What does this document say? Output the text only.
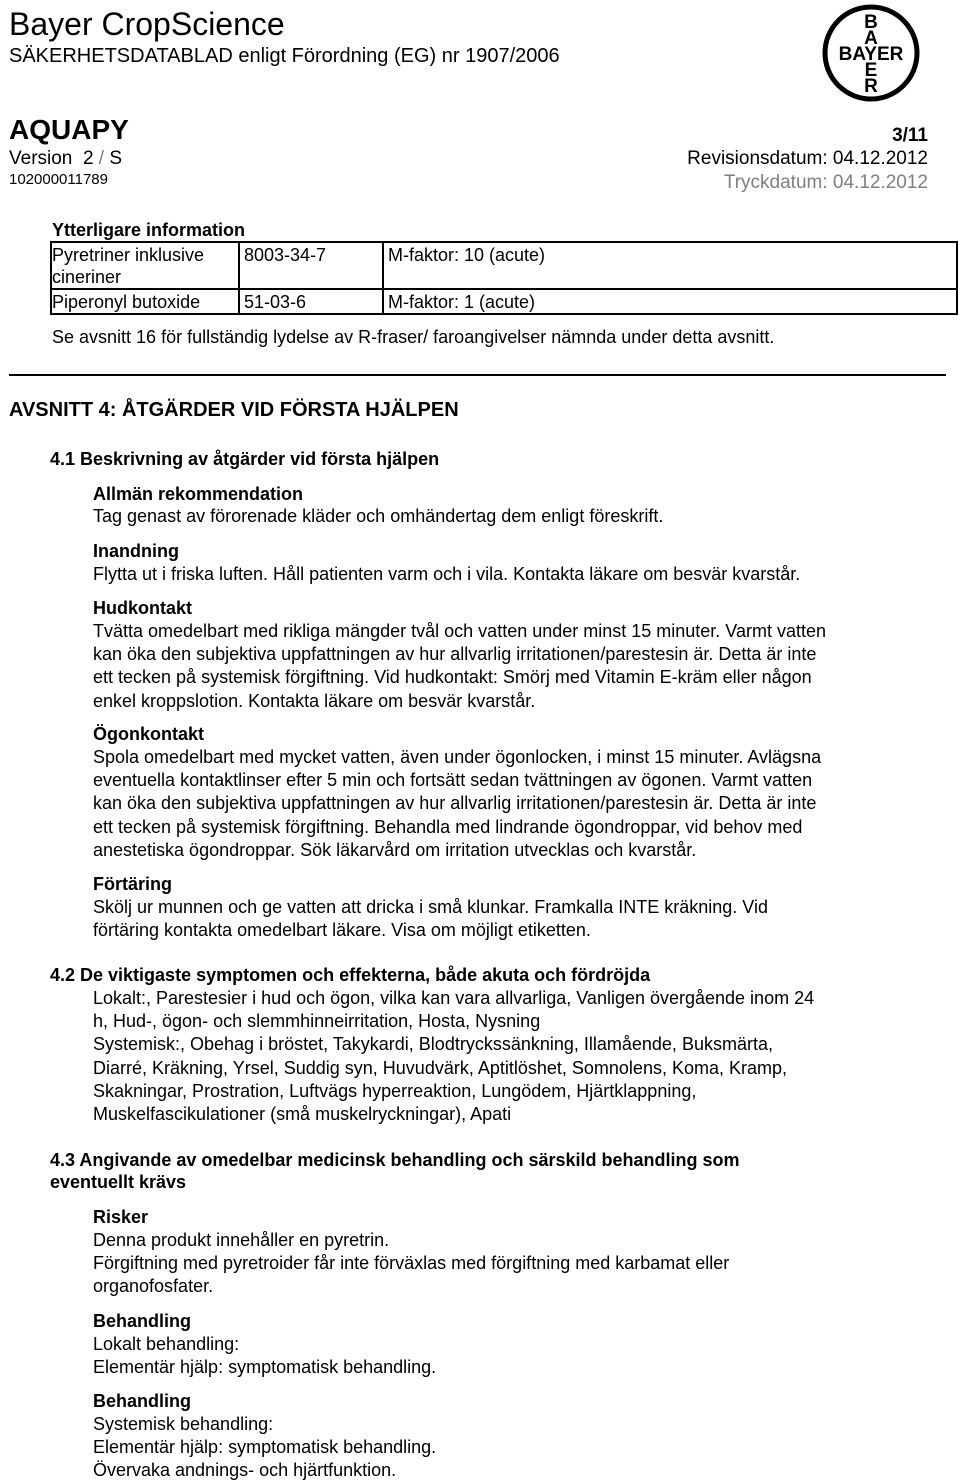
Bayer CropScience
SÄKERHETSDATABLAD enligt Förordning (EG) nr 1907/2006
B
A
BAYER
E
R
AQUAPY	3/11
Version 2 / S	Revisionsdatum: 04.12.2012
102000011789	Tryckdatum: 04.12.2012
Ytterligare information
Pyretriner inklusive
cineriner	8003-34-7	M-faktor: 10 (acute)
Piperonyl butoxide	51-03-6	M-faktor: 1 (acute)
Se avsnitt 16 för fullständig lydelse av R-fraser/ faroangivelser nämnda under detta avsnitt.
AVSNITT 4: ÅTGÄRDER VID FÖRSTA HJÄLPEN
4.1 Beskrivning av åtgärder vid första hjälpen
Allmän rekommendation
Tag genast av förorenade kläder och omhändertag dem enligt föreskrift.
Inandning
Flytta ut i friska luften. Håll patienten varm och i vila. Kontakta läkare om besvär kvarstår.
Hudkontakt
Tvätta omedelbart med rikliga mängder tvål och vatten under minst 15 minuter. Varmt vatten
kan öka den subjektiva uppfattningen av hur allvarlig irritationen/parestesin är. Detta är inte
ett tecken på systemisk förgiftning. Vid hudkontakt: Smörj med Vitamin E-kräm eller någon
enkel kroppslotion. Kontakta läkare om besvär kvarstår.
Ögonkontakt
Spola omedelbart med mycket vatten, även under ögonlocken, i minst 15 minuter. Avlägsna
eventuella kontaktlinser efter 5 min och fortsätt sedan tvättningen av ögonen. Varmt vatten
kan öka den subjektiva uppfattningen av hur allvarlig irritationen/parestesin är. Detta är inte
ett tecken på systemisk förgiftning. Behandla med lindrande ögondroppar, vid behov med
anestetiska ögondroppar. Sök läkarvård om irritation utvecklas och kvarstår.
Förtäring
Skölj ur munnen och ge vatten att dricka i små klunkar. Framkalla INTE kräkning. Vid
förtäring kontakta omedelbart läkare. Visa om möjligt etiketten.
4.2 De viktigaste symptomen och effekterna, både akuta och fördröjda
Lokalt:, Parestesier i hud och ögon, vilka kan vara allvarliga, Vanligen övergående inom 24
h, Hud-, ögon- och slemmhinneirritation, Hosta, Nysning
Systemisk:, Obehag i bröstet, Takykardi, Blodtryckssänkning, Illamående, Buksmärta,
Diarré, Kräkning, Yrsel, Suddig syn, Huvudvärk, Aptitlöshet, Somnolens, Koma, Kramp,
Skakningar, Prostration, Luftvägs hyperreaktion, Lungödem, Hjärtklappning,
Muskelfascikulationer (små muskelryckningar), Apati
4.3 Angivande av omedelbar medicinsk behandling och särskild behandling som
eventuellt krävs
Risker
Denna produkt innehåller en pyretrin.
Förgiftning med pyretroider får inte förväxlas med förgiftning med karbamat eller
organofosfater.
Behandling
Lokalt behandling:
Elementär hjälp: symptomatisk behandling.
Behandling
Systemisk behandling:
Elementär hjälp: symptomatisk behandling.
Övervaka andnings- och hjärtfunktion.
